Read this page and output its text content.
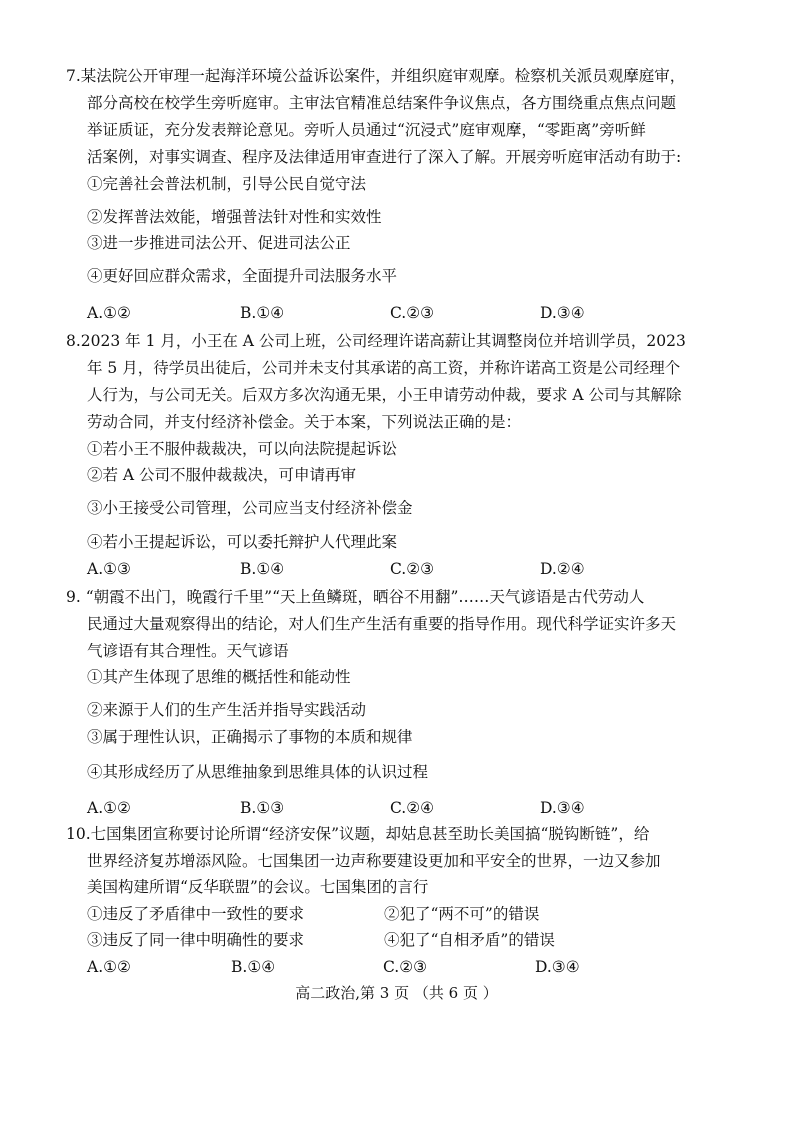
7.某法院公开审理一起海洋环境公益诉讼案件，并组织庭审观摩。检察机关派员观摩庭审，
部分高校在校学生旁听庭审。主审法官精准总结案件争议焦点，各方围绕重点焦点问题
举证质证，充分发表辩论意见。旁听人员通过“沉浸式”庭审观摩，“零距离”旁听鲜
活案例，对事实调查、程序及法律适用审查进行了深入了解。开展旁听庭审活动有助于:
①完善社会普法机制，引导公民自觉守法
②发挥普法效能，增强普法针对性和实效性
③进一步推进司法公开、促进司法公正
④更好回应群众需求，全面提升司法服务水平
A.①②	B.①④	C.②③	D.③④
8.2023 年 1 月，小王在 A 公司上班，公司经理许诺高薪让其调整岗位并培训学员，2023
年 5 月，待学员出徒后，公司并未支付其承诺的高工资，并称许诺高工资是公司经理个
人行为，与公司无关。后双方多次沟通无果，小王申请劳动仲裁，要求 A 公司与其解除
劳动合同，并支付经济补偿金。关于本案，下列说法正确的是：
①若小王不服仲裁裁决，可以向法院提起诉讼
②若 A 公司不服仲裁裁决，可申请再审
③小王接受公司管理，公司应当支付经济补偿金
④若小王提起诉讼，可以委托辩护人代理此案
A.①③	B.①④	C.②③	D.②④
9. “朝霞不出门，晚霞行千里”“天上鱼鳞斑，晒谷不用翻”……天气谚语是古代劳动人
民通过大量观察得出的结论，对人们生产生活有重要的指导作用。现代科学证实许多天
气谚语有其合理性。天气谚语
①其产生体现了思维的概括性和能动性
②来源于人们的生产生活并指导实践活动
③属于理性认识，正确揭示了事物的本质和规律
④其形成经历了从思维抽象到思维具体的认识过程
A.①②	B.①③	C.②④	D.③④
10.七国集团宣称要讨论所谓“经济安保”议题，却姑息甚至助长美国搞“脱钩断链”，给
世界经济复苏增添风险。七国集团一边声称要建设更加和平安全的世界，一边又参加
美国构建所谓“反华联盟”的会议。七国集团的言行
①违反了矛盾律中一致性的要求	②犯了“两不可”的错误
③违反了同一律中明确性的要求	④犯了“自相矛盾”的错误
A.①②	B.①④	C.②③	D.③④
高二政治,第 3 页 （共 6 页 ）
